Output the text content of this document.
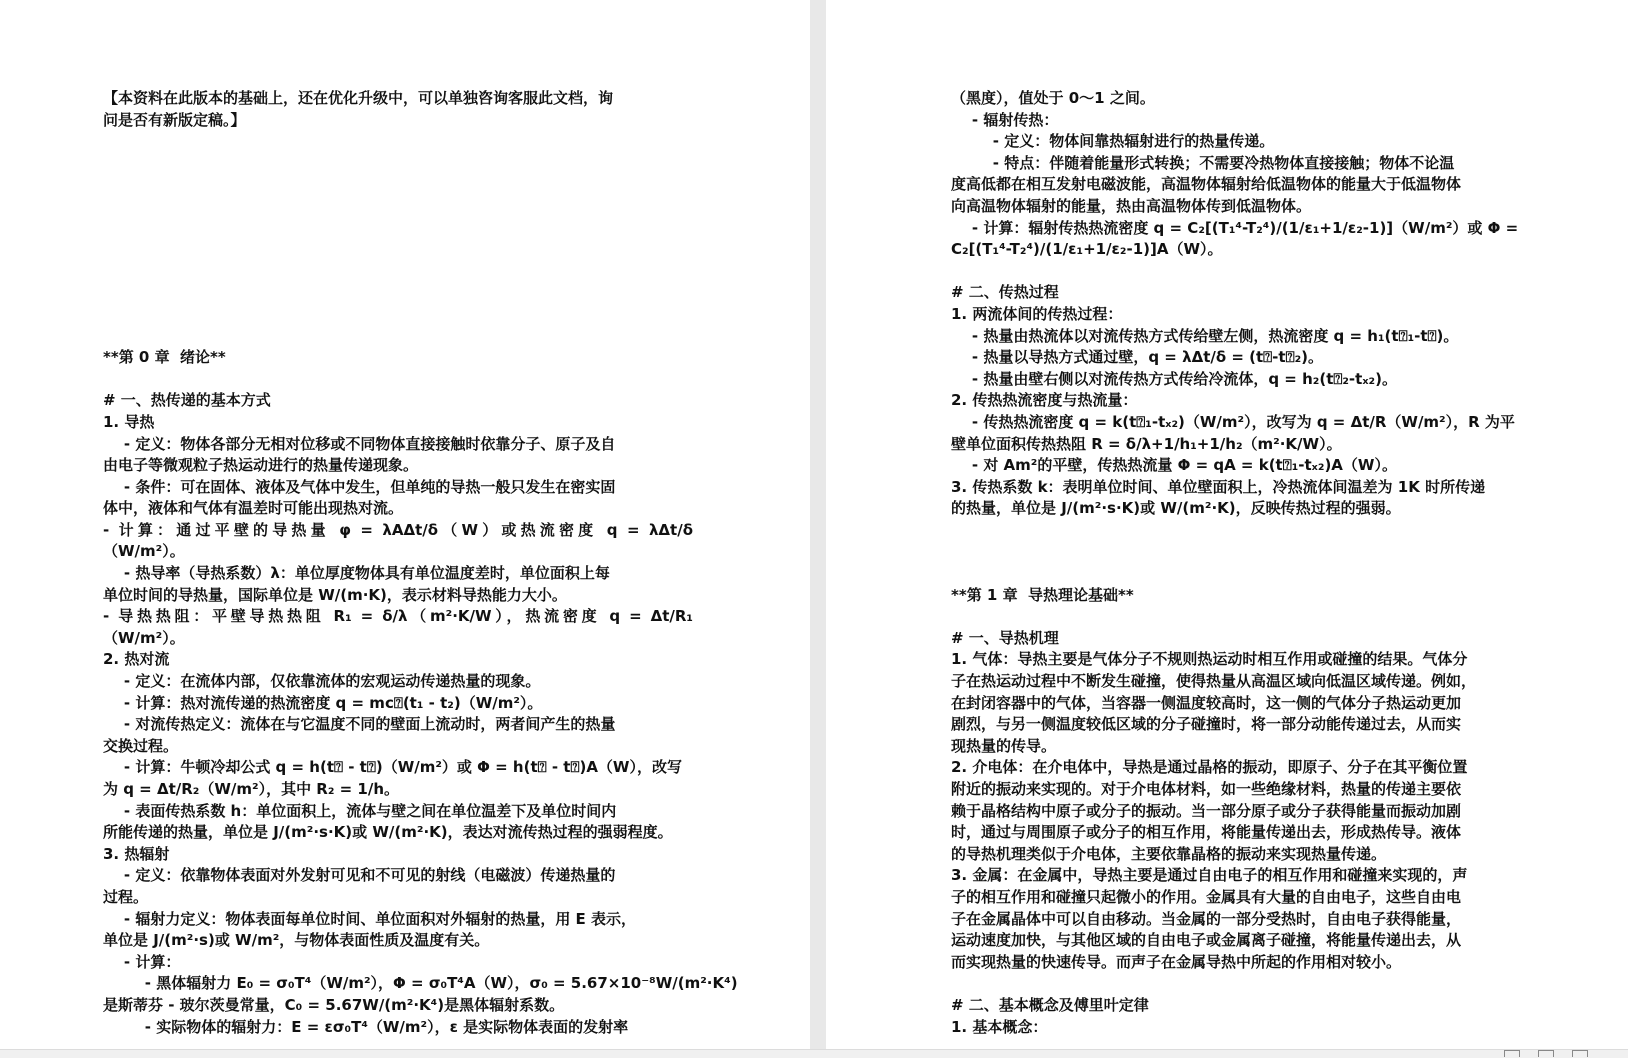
【本资料在此版本的基础上，还在优化升级中，可以单独咨询客服此文档，询
问是否有新版定稿。】
**第 0 章  绪论**
# 一、热传递的基本方式
1. 导热
- 定义：物体各部分无相对位移或不同物体直接接触时依靠分子、原子及自
由电子等微观粒子热运动进行的热量传递现象。
- 条件：可在固体、液体及气体中发生，但单纯的导热一般只发生在密实固
体中，液体和气体有温差时可能出现热对流。
- 计算：通过平壁的导热量 φ = λAΔt/δ（W）或热流密度 q = λΔt/δ
（W/m²）。
- 热导率（导热系数）λ：单位厚度物体具有单位温度差时，单位面积上每
单位时间的导热量，国际单位是 W/(m·K)，表示材料导热能力大小。
- 导热热阻：平壁导热热阻 R₁ = δ/λ（m²·K/W），热流密度 q = Δt/R₁
（W/m²）。
2. 热对流
- 定义：在流体内部，仅依靠流体的宏观运动传递热量的现象。
- 计算：热对流传递的热流密度 q = mc⍰(t₁ - t₂)（W/m²）。
- 对流传热定义：流体在与它温度不同的壁面上流动时，两者间产生的热量
交换过程。
- 计算：牛顿冷却公式 q = h(t⍰ - t⍰)（W/m²）或 Φ = h(t⍰ - t⍰)A（W），改写
为 q = Δt/R₂（W/m²），其中 R₂ = 1/h。
- 表面传热系数 h：单位面积上，流体与壁之间在单位温差下及单位时间内
所能传递的热量，单位是 J/(m²·s·K)或 W/(m²·K)，表达对流传热过程的强弱程度。
3. 热辐射
- 定义：依靠物体表面对外发射可见和不可见的射线（电磁波）传递热量的
过程。
- 辐射力定义：物体表面每单位时间、单位面积对外辐射的热量，用 E 表示，
单位是 J/(m²·s)或 W/m²，与物体表面性质及温度有关。
- 计算：
- 黑体辐射力 E₀ = σ₀T⁴（W/m²），Φ = σ₀T⁴A（W），σ₀ = 5.67×10⁻⁸W/(m²·K⁴)
是斯蒂芬 - 玻尔茨曼常量，C₀ = 5.67W/(m²·K⁴)是黑体辐射系数。
- 实际物体的辐射力：E = εσ₀T⁴（W/m²），ε 是实际物体表面的发射率
（黑度），值处于 0～1 之间。
- 辐射传热：
- 定义：物体间靠热辐射进行的热量传递。
- 特点：伴随着能量形式转换；不需要冷热物体直接接触；物体不论温
度高低都在相互发射电磁波能，高温物体辐射给低温物体的能量大于低温物体
向高温物体辐射的能量，热由高温物体传到低温物体。
- 计算：辐射传热热流密度 q = C₂[(T₁⁴-T₂⁴)/(1/ε₁+1/ε₂-1)]（W/m²）或 Φ =
C₂[(T₁⁴-T₂⁴)/(1/ε₁+1/ε₂-1)]A（W）。
# 二、传热过程
1. 两流体间的传热过程：
- 热量由热流体以对流传热方式传给壁左侧，热流密度 q = h₁(t⍰₁-t⍰)。
- 热量以导热方式通过壁，q = λΔt/δ = (t⍰-t⍰₂)。
- 热量由壁右侧以对流传热方式传给冷流体，q = h₂(t⍰₂-tₓ₂)。
2. 传热热流密度与热流量：
- 传热热流密度 q = k(t⍰₁-tₓ₂)（W/m²），改写为 q = Δt/R（W/m²），R 为平
壁单位面积传热热阻 R = δ/λ+1/h₁+1/h₂（m²·K/W）。
- 对 Am²的平壁，传热热流量 Φ = qA = k(t⍰₁-tₓ₂)A（W）。
3. 传热系数 k：表明单位时间、单位壁面积上，冷热流体间温差为 1K 时所传递
的热量，单位是 J/(m²·s·K)或 W/(m²·K)，反映传热过程的强弱。
**第 1 章  导热理论基础**
# 一、导热机理
1. 气体：导热主要是气体分子不规则热运动时相互作用或碰撞的结果。气体分
子在热运动过程中不断发生碰撞，使得热量从高温区域向低温区域传递。例如，
在封闭容器中的气体，当容器一侧温度较高时，这一侧的气体分子热运动更加
剧烈，与另一侧温度较低区域的分子碰撞时，将一部分动能传递过去，从而实
现热量的传导。
2. 介电体：在介电体中，导热是通过晶格的振动，即原子、分子在其平衡位置
附近的振动来实现的。对于介电体材料，如一些绝缘材料，热量的传递主要依
赖于晶格结构中原子或分子的振动。当一部分原子或分子获得能量而振动加剧
时，通过与周围原子或分子的相互作用，将能量传递出去，形成热传导。液体
的导热机理类似于介电体，主要依靠晶格的振动来实现热量传递。
3. 金属：在金属中，导热主要是通过自由电子的相互作用和碰撞来实现的，声
子的相互作用和碰撞只起微小的作用。金属具有大量的自由电子，这些自由电
子在金属晶体中可以自由移动。当金属的一部分受热时，自由电子获得能量，
运动速度加快，与其他区域的自由电子或金属离子碰撞，将能量传递出去，从
而实现热量的快速传导。而声子在金属导热中所起的作用相对较小。
# 二、基本概念及傅里叶定律
1. 基本概念：
